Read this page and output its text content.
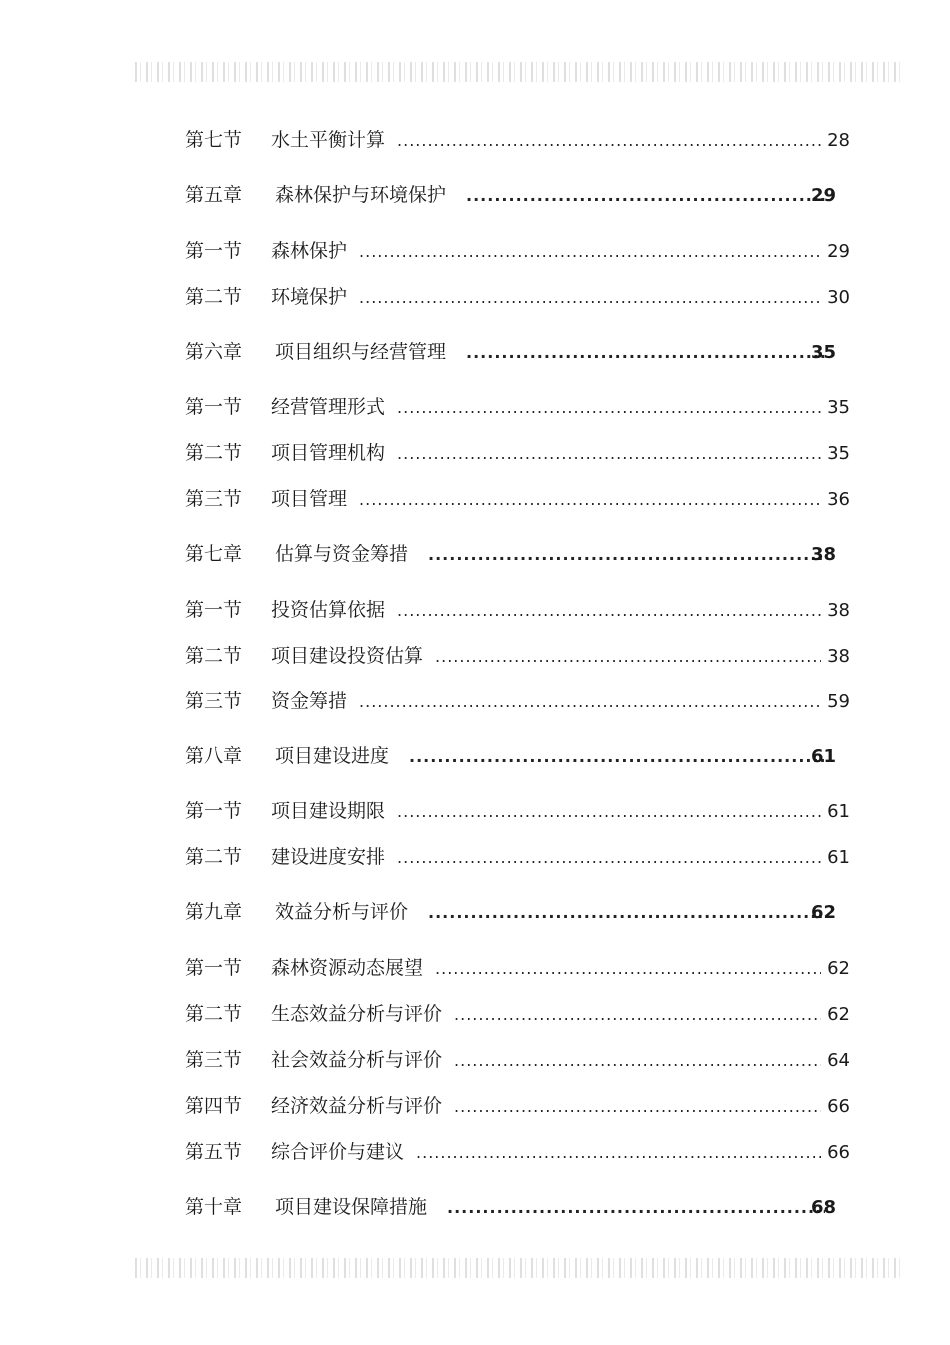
第七节 水土平衡计算 .....	28
第五章 森林保护与环境保护 .....	29
第一节 森林保护 .....	29
第二节 环境保护 .....	30
第六章 项目组织与经营管理 .....	35
第一节 经营管理形式 .....	35
第二节 项目管理机构 .....	35
第三节 项目管理 .....	36
第七章 估算与资金筹措 .....	38
第一节 投资估算依据 .....	38
第二节 项目建设投资估算 .....	38
第三节 资金筹措 .....	59
第八章 项目建设进度 .....	61
第一节 项目建设期限 .....	61
第二节 建设进度安排 .....	61
第九章 效益分析与评价 .....	62
第一节 森林资源动态展望 .....	62
第二节 生态效益分析与评价 .....	62
第三节 社会效益分析与评价 .....	64
第四节 经济效益分析与评价 .....	66
第五节 综合评价与建议 .....	66
第十章 项目建设保障措施 .....	68
